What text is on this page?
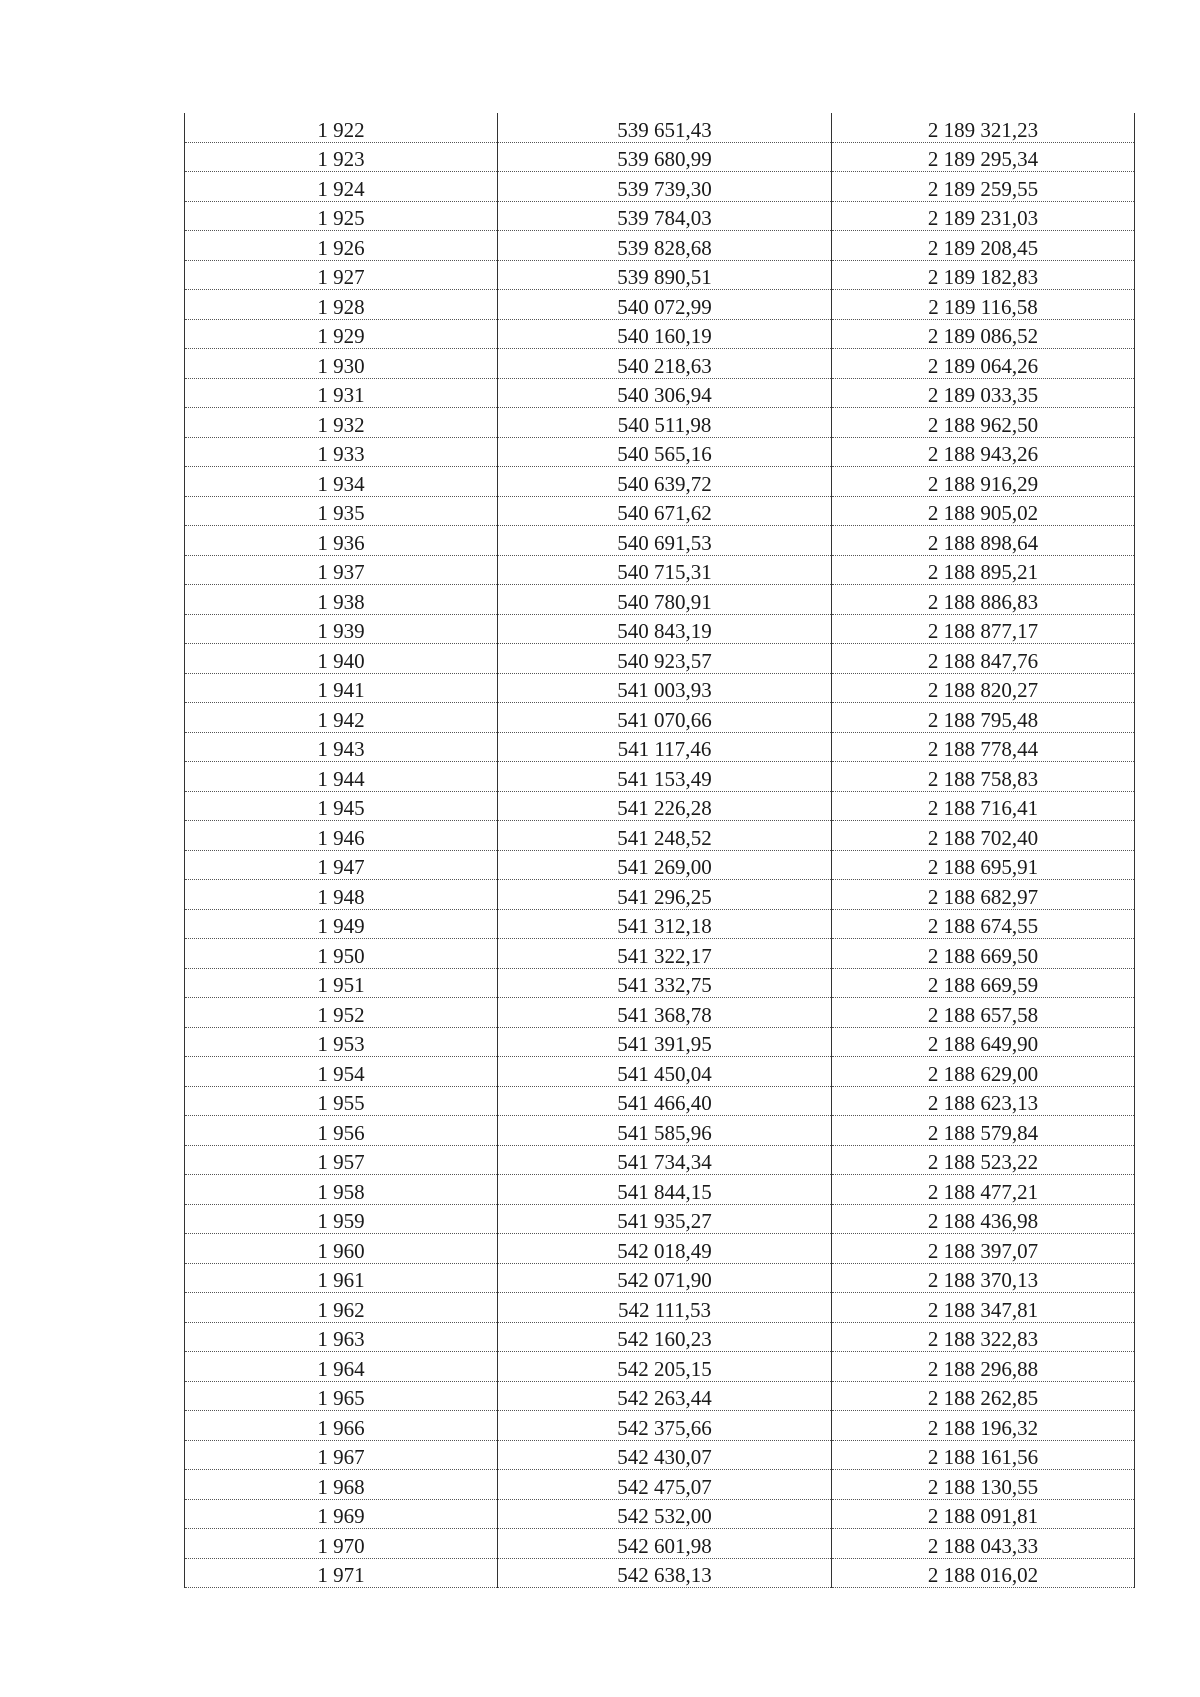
1 922	539 651,43	2 189 321,23
1 923	539 680,99	2 189 295,34
1 924	539 739,30	2 189 259,55
1 925	539 784,03	2 189 231,03
1 926	539 828,68	2 189 208,45
1 927	539 890,51	2 189 182,83
1 928	540 072,99	2 189 116,58
1 929	540 160,19	2 189 086,52
1 930	540 218,63	2 189 064,26
1 931	540 306,94	2 189 033,35
1 932	540 511,98	2 188 962,50
1 933	540 565,16	2 188 943,26
1 934	540 639,72	2 188 916,29
1 935	540 671,62	2 188 905,02
1 936	540 691,53	2 188 898,64
1 937	540 715,31	2 188 895,21
1 938	540 780,91	2 188 886,83
1 939	540 843,19	2 188 877,17
1 940	540 923,57	2 188 847,76
1 941	541 003,93	2 188 820,27
1 942	541 070,66	2 188 795,48
1 943	541 117,46	2 188 778,44
1 944	541 153,49	2 188 758,83
1 945	541 226,28	2 188 716,41
1 946	541 248,52	2 188 702,40
1 947	541 269,00	2 188 695,91
1 948	541 296,25	2 188 682,97
1 949	541 312,18	2 188 674,55
1 950	541 322,17	2 188 669,50
1 951	541 332,75	2 188 669,59
1 952	541 368,78	2 188 657,58
1 953	541 391,95	2 188 649,90
1 954	541 450,04	2 188 629,00
1 955	541 466,40	2 188 623,13
1 956	541 585,96	2 188 579,84
1 957	541 734,34	2 188 523,22
1 958	541 844,15	2 188 477,21
1 959	541 935,27	2 188 436,98
1 960	542 018,49	2 188 397,07
1 961	542 071,90	2 188 370,13
1 962	542 111,53	2 188 347,81
1 963	542 160,23	2 188 322,83
1 964	542 205,15	2 188 296,88
1 965	542 263,44	2 188 262,85
1 966	542 375,66	2 188 196,32
1 967	542 430,07	2 188 161,56
1 968	542 475,07	2 188 130,55
1 969	542 532,00	2 188 091,81
1 970	542 601,98	2 188 043,33
1 971	542 638,13	2 188 016,02
